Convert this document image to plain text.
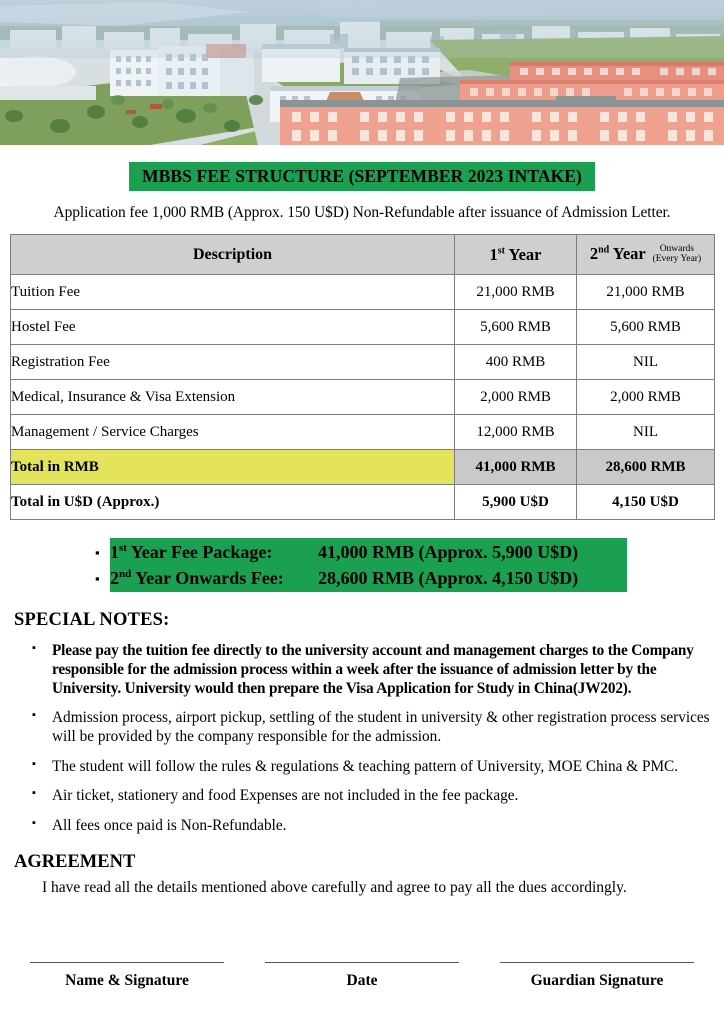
MBBS FEE STRUCTURE (SEPTEMBER 2023 INTAKE)
Application fee 1,000 RMB (Approx. 150 U$D) Non-Refundable after issuance of Admission Letter.
Description	1st Year	2nd Year Onwards
(Every Year)

Tuition Fee	21,000 RMB	21,000 RMB
Hostel Fee	5,600 RMB	5,600 RMB
Registration Fee	400 RMB	NIL
Medical, Insurance & Visa Extension	2,000 RMB	2,000 RMB
Management / Service Charges	12,000 RMB	NIL
Total in RMB	41,000 RMB	28,600 RMB
Total in U$D (Approx.)	5,900 U$D	4,150 U$D
▪ 1st Year Fee Package:	41,000 RMB (Approx. 5,900 U$D)
▪ 2nd Year Onwards Fee:	28,600 RMB (Approx. 4,150 U$D)
SPECIAL NOTES:
▪ Please pay the tuition fee directly to the university account and management charges to the Company responsible for the admission process within a week after the issuance of admission letter by the University. University would then prepare the Visa Application for Study in China(JW202).
▪ Admission process, airport pickup, settling of the student in university & other registration process services will be provided by the company responsible for the admission.
▪ The student will follow the rules & regulations & teaching pattern of University, MOE China & PMC.
▪ Air ticket, stationery and food Expenses are not included in the fee package.
▪ All fees once paid is Non-Refundable.
AGREEMENT
I have read all the details mentioned above carefully and agree to pay all the dues accordingly.
Name & Signature	Date	Guardian Signature
